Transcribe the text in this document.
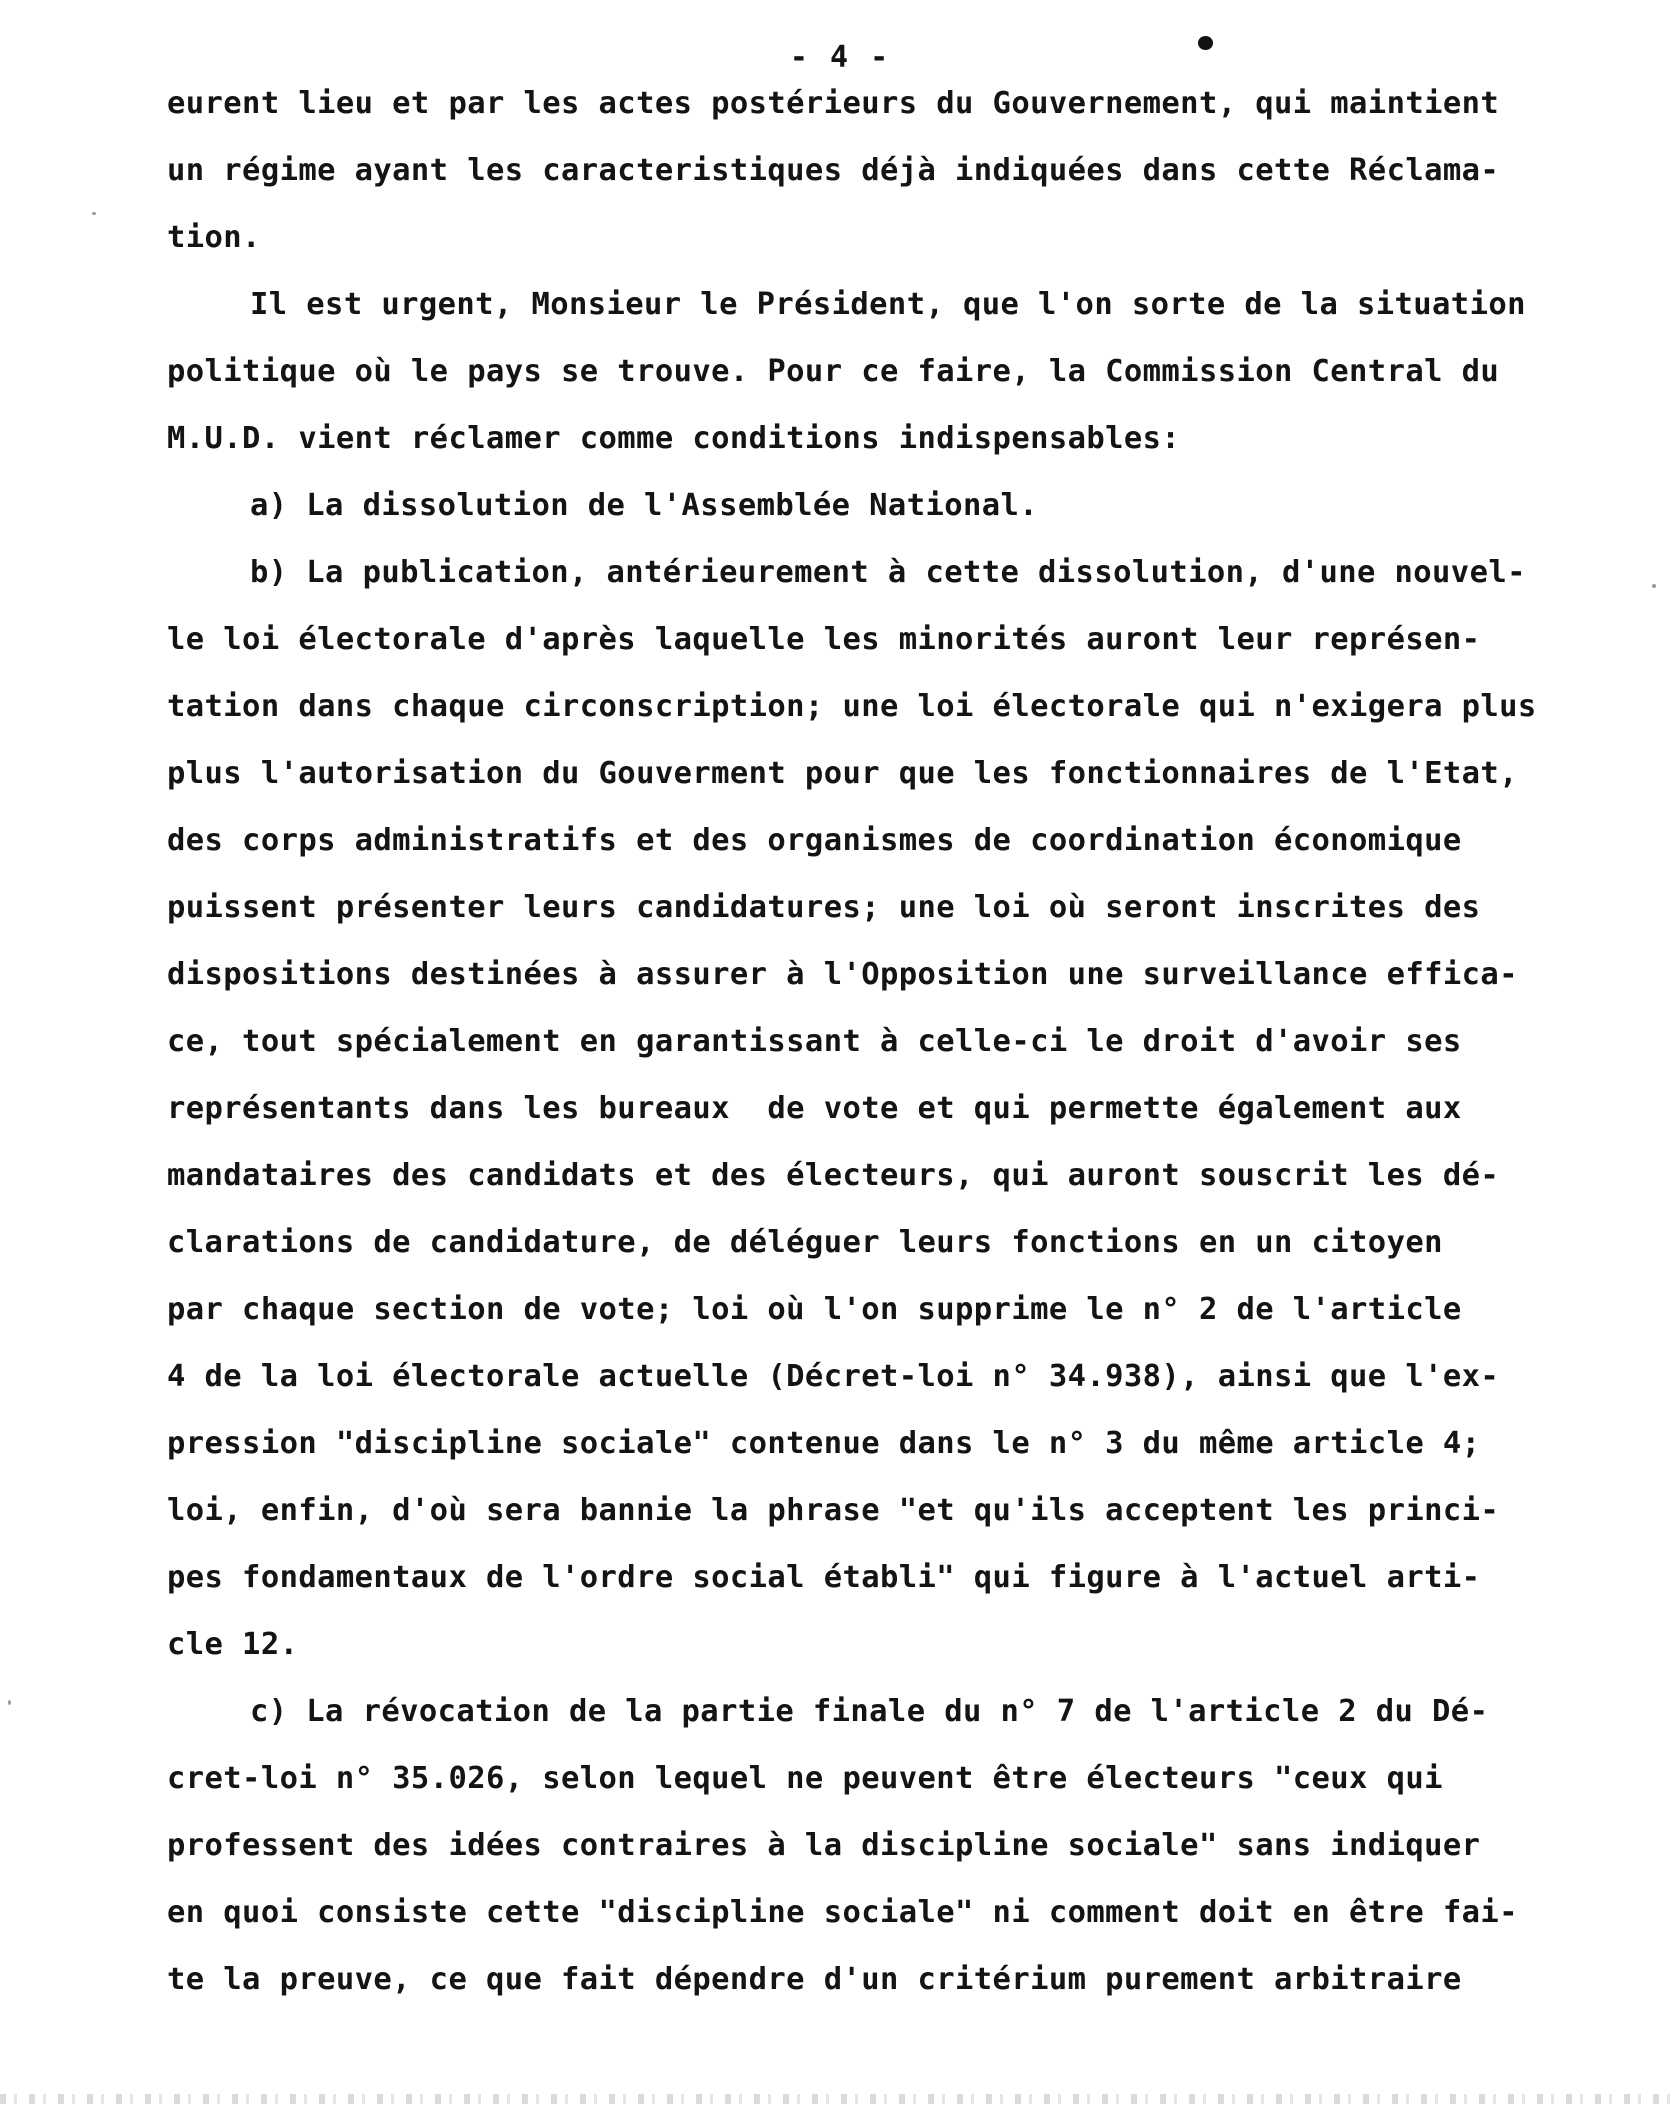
- 4 -
eurent lieu et par les actes postérieurs du Gouvernement, qui maintient
un régime ayant les caracteristiques déjà indiquées dans cette Réclama-
tion.
Il est urgent, Monsieur le Président, que l'on sorte de la situation
politique où le pays se trouve. Pour ce faire, la Commission Central du
M.U.D. vient réclamer comme conditions indispensables:
a) La dissolution de l'Assemblée National.
b) La publication, antérieurement à cette dissolution, d'une nouvel-
le loi électorale d'après laquelle les minorités auront leur représen-
tation dans chaque circonscription; une loi électorale qui n'exigera plus
plus l'autorisation du Gouverment pour que les fonctionnaires de l'Etat,
des corps administratifs et des organismes de coordination économique
puissent présenter leurs candidatures; une loi où seront inscrites des
dispositions destinées à assurer à l'Opposition une surveillance effica-
ce, tout spécialement en garantissant à celle-ci le droit d'avoir ses
représentants dans les bureaux  de vote et qui permette également aux
mandataires des candidats et des électeurs, qui auront souscrit les dé-
clarations de candidature, de déléguer leurs fonctions en un citoyen
par chaque section de vote; loi où l'on supprime le n° 2 de l'article
4 de la loi électorale actuelle (Décret-loi n° 34.938), ainsi que l'ex-
pression "discipline sociale" contenue dans le n° 3 du même article 4;
loi, enfin, d'où sera bannie la phrase "et qu'ils acceptent les princi-
pes fondamentaux de l'ordre social établi" qui figure à l'actuel arti-
cle 12.
c) La révocation de la partie finale du n° 7 de l'article 2 du Dé-
cret-loi n° 35.026, selon lequel ne peuvent être électeurs "ceux qui
professent des idées contraires à la discipline sociale" sans indiquer
en quoi consiste cette "discipline sociale" ni comment doit en être fai-
te la preuve, ce que fait dépendre d'un critérium purement arbitraire
